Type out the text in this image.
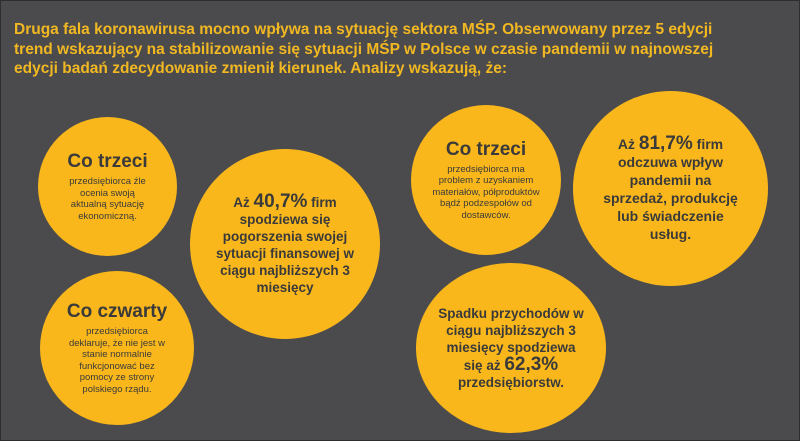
Druga fala koronawirusa mocno wpływa na sytuację sektora MŚP. Obserwowany przez 5 edycji trend wskazujący na stabilizowanie się sytuacji MŚP w Polsce w czasie pandemii w najnowszej edycji badań zdecydowanie zmienił kierunek. Analizy wskazują, że:

Co trzeci
przedsiębiorca źle ocenia swoją aktualną sytuację ekonomiczną.
Aż 40,7% firm spodziewa się pogorszenia swojej sytuacji finansowej w ciągu najbliższych 3 miesięcy
Co trzeci
przedsiębiorca ma problem z uzyskaniem materiałów, półproduktów bądź podzespołów od dostawców.
Aż 81,7% firm odczuwa wpływ pandemii na sprzedaż, produkcję lub świadczenie usług.
Co czwarty
przedsiębiorca deklaruje, że nie jest w stanie normalnie funkcjonować bez pomocy ze strony polskiego rządu.
Spadku przychodów w ciągu najbliższych 3 miesięcy spodziewa się aż 62,3% przedsiębiorstw.
